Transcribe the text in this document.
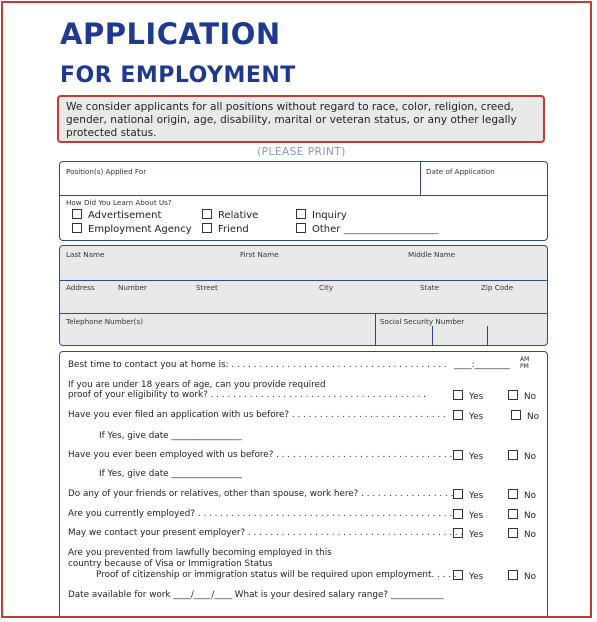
APPLICATION
FOR EMPLOYMENT
We consider applicants for all positions without regard to race, color, religion, creed, gender, national origin, age, disability, marital or veteran status, or any other legally protected status.
(PLEASE PRINT)
Position(s) Applied For	Date of Application
How Did You Learn About Us?
Advertisement	Relative	Inquiry
Employment Agency	Friend	Other ___________________________
Last Name	First Name	Middle Name
Address	Number	Street	City	State	Zip Code
Telephone Number(s)	Social Security Number
Best time to contact you at home is: . . . . . . . . . . . . . . . . . . . . . . . . . . . . . . . . . . . . . . . ____:________
AM
PM
If you are under 18 years of age, can you provide required
proof of your eligibility to work? . . . . . . . . . . . . . . . . . . . . . . . . . . . . . . . . . . . . . . .	Yes	No
Have you ever filed an application with us before? . . . . . . . . . . . . . . . . . . . . . . . . . . . .	Yes	No
If Yes, give date ________________
Have you ever been employed with us before? . . . . . . . . . . . . . . . . . . . . . . . . . . . . . . . .	Yes	No
If Yes, give date ________________
Do any of your friends or relatives, other than spouse, work here? . . . . . . . . . . . . . . . . .	Yes	No
Are you currently employed? . . . . . . . . . . . . . . . . . . . . . . . . . . . . . . . . . . . . . . . . . . . . . .	Yes	No
May we contact your present employer? . . . . . . . . . . . . . . . . . . . . . . . . . . . . . . . . . . . . . . . Yes	No
Are you prevented from lawfully becoming employed in this
country because of Visa or Immigration Status
Proof of citizenship or immigration status will be required upon employment. . . . .	Yes	No
Date available for work ____/____/____ What is your desired salary range? ____________
